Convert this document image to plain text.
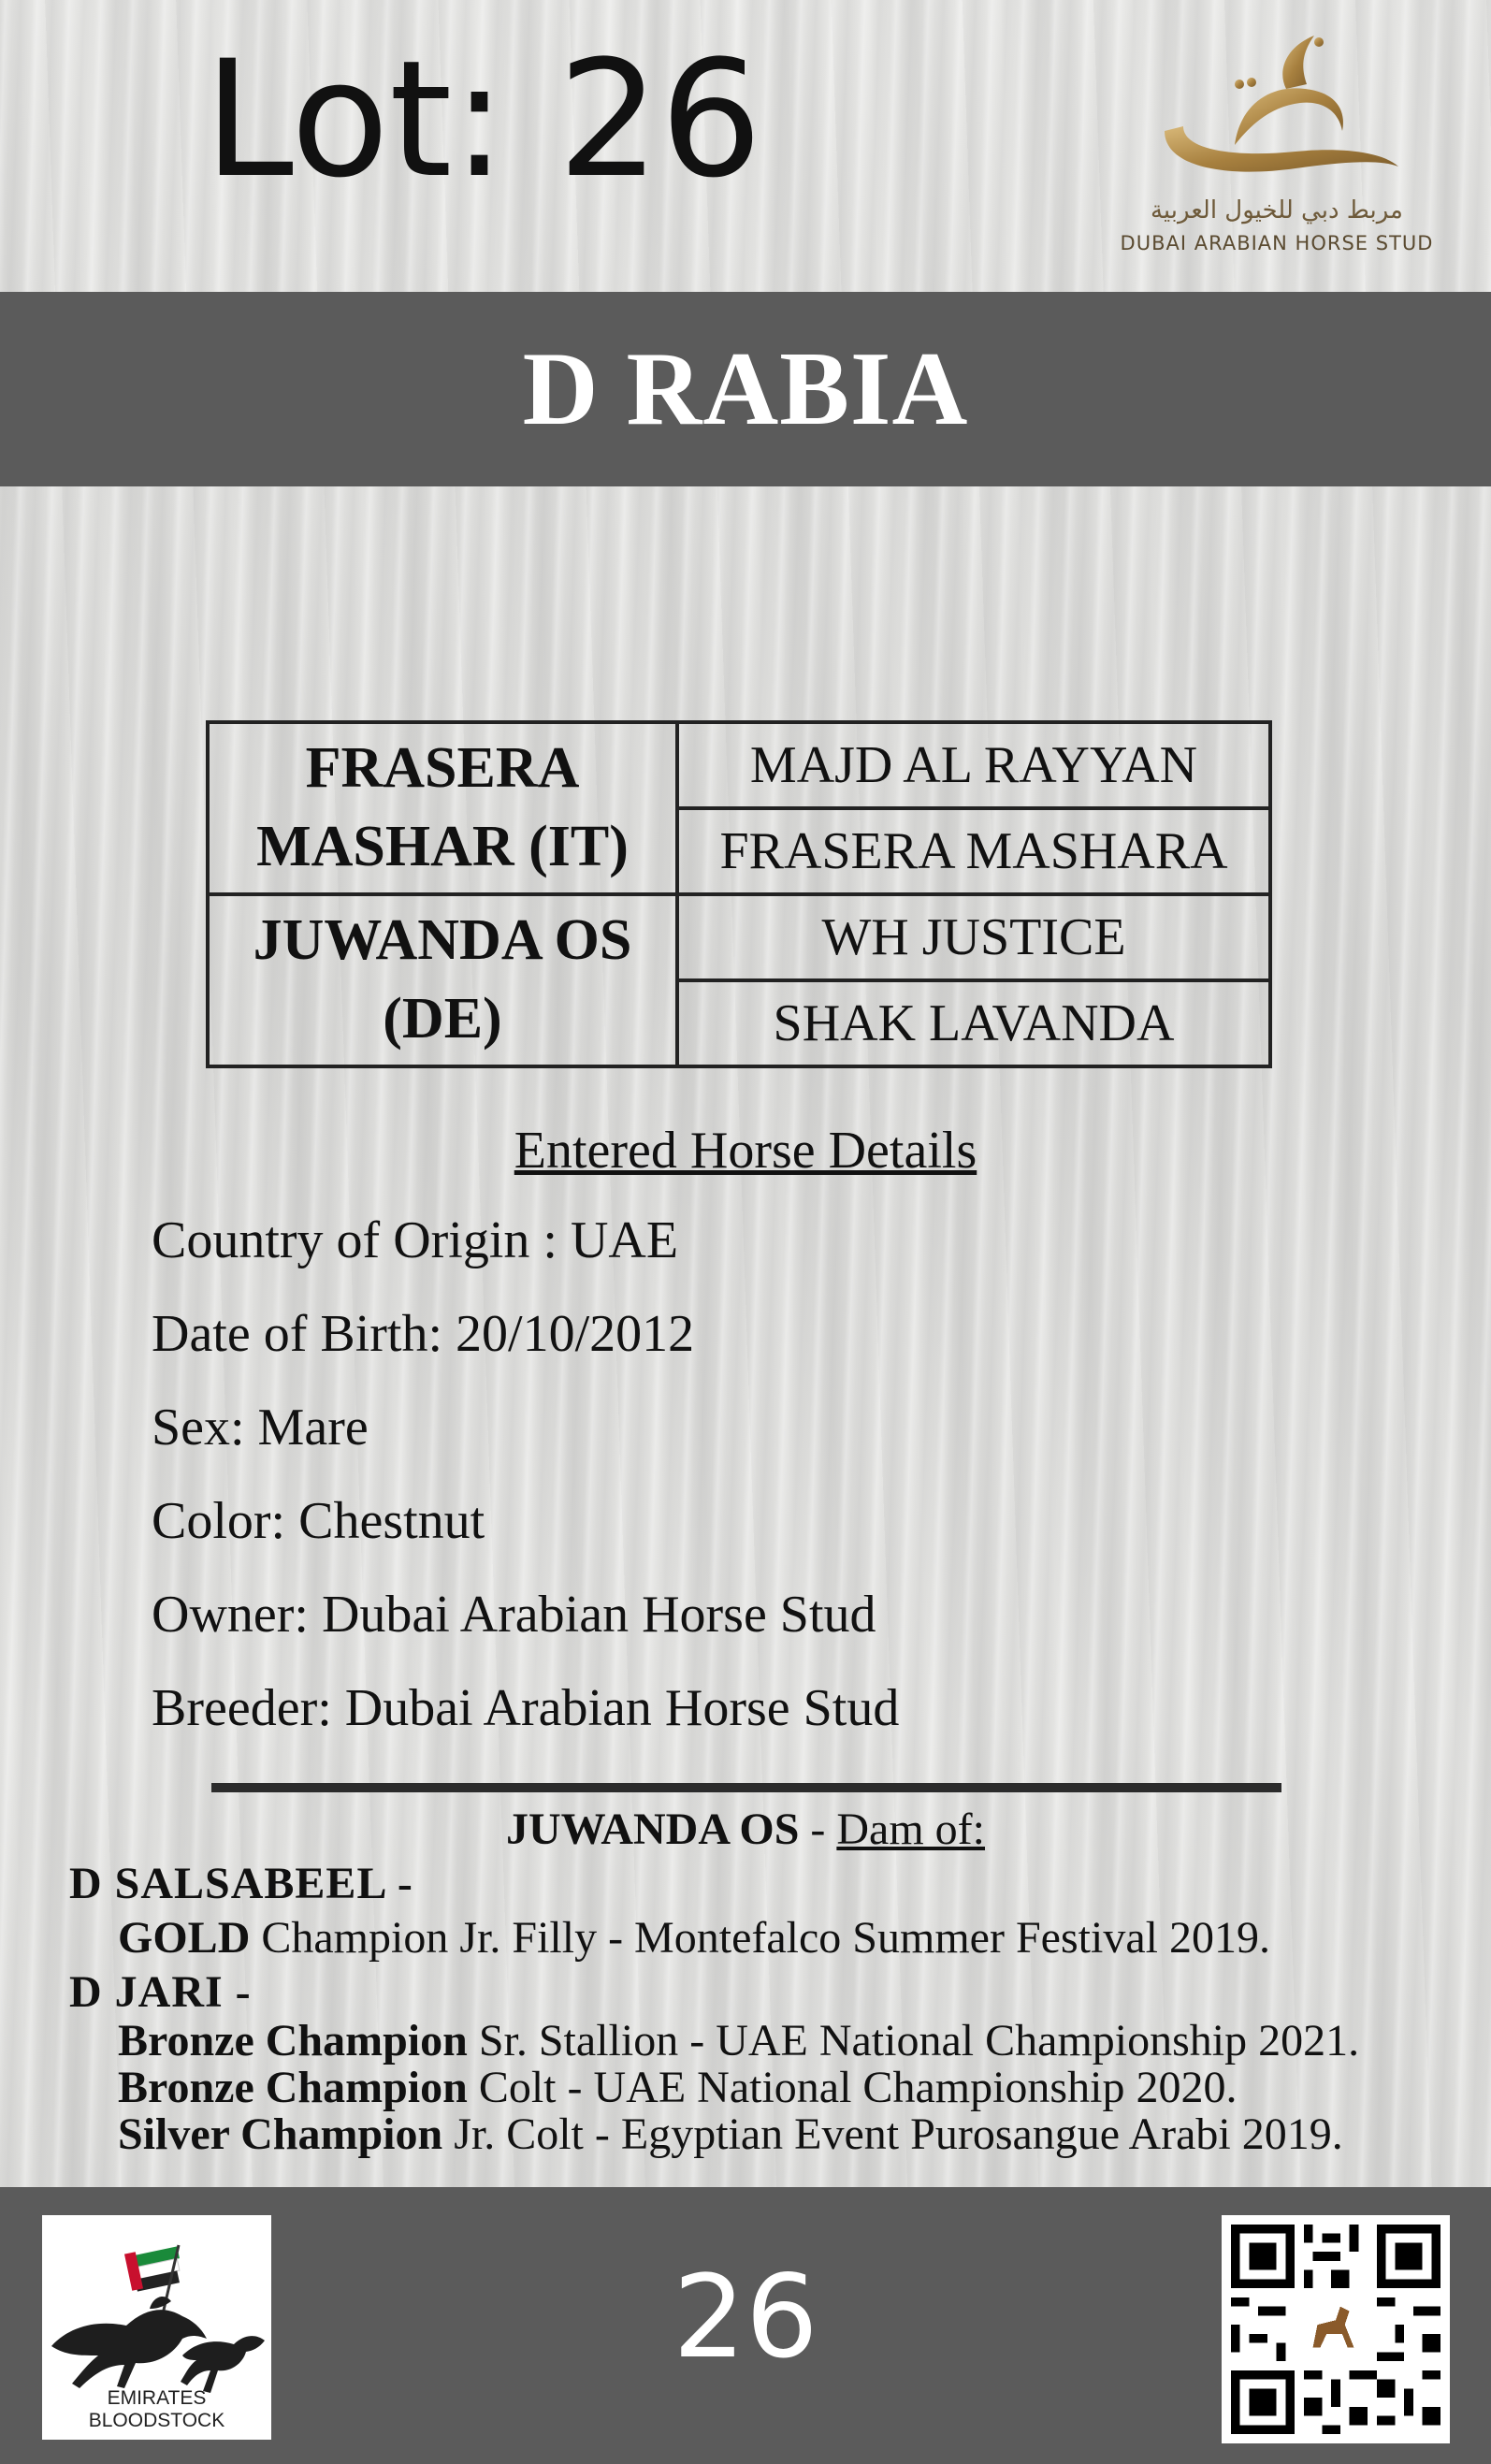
Lot: 26	مربط دبي للخيول العربية
DUBAI ARABIAN HORSE STUD
D RABIA
FRASERA MASHAR (IT)	MAJD AL RAYYAN
	FRASERA MASHARA
JUWANDA OS (DE)	WH JUSTICE
	SHAK LAVANDA
Entered Horse Details
Country of Origin : UAE
Date of Birth: 20/10/2012
Sex: Mare
Color: Chestnut
Owner: Dubai Arabian Horse Stud
Breeder: Dubai Arabian Horse Stud
JUWANDA OS - Dam of:
D SALSABEEL -
GOLD Champion Jr. Filly - Montefalco Summer Festival 2019.
D JARI -
Bronze Champion Sr. Stallion - UAE National Championship 2021.
Bronze Champion Colt - UAE National Championship 2020.
Silver Champion Jr. Colt - Egyptian Event Purosangue Arabi 2019.
EMIRATES BLOODSTOCK
26
